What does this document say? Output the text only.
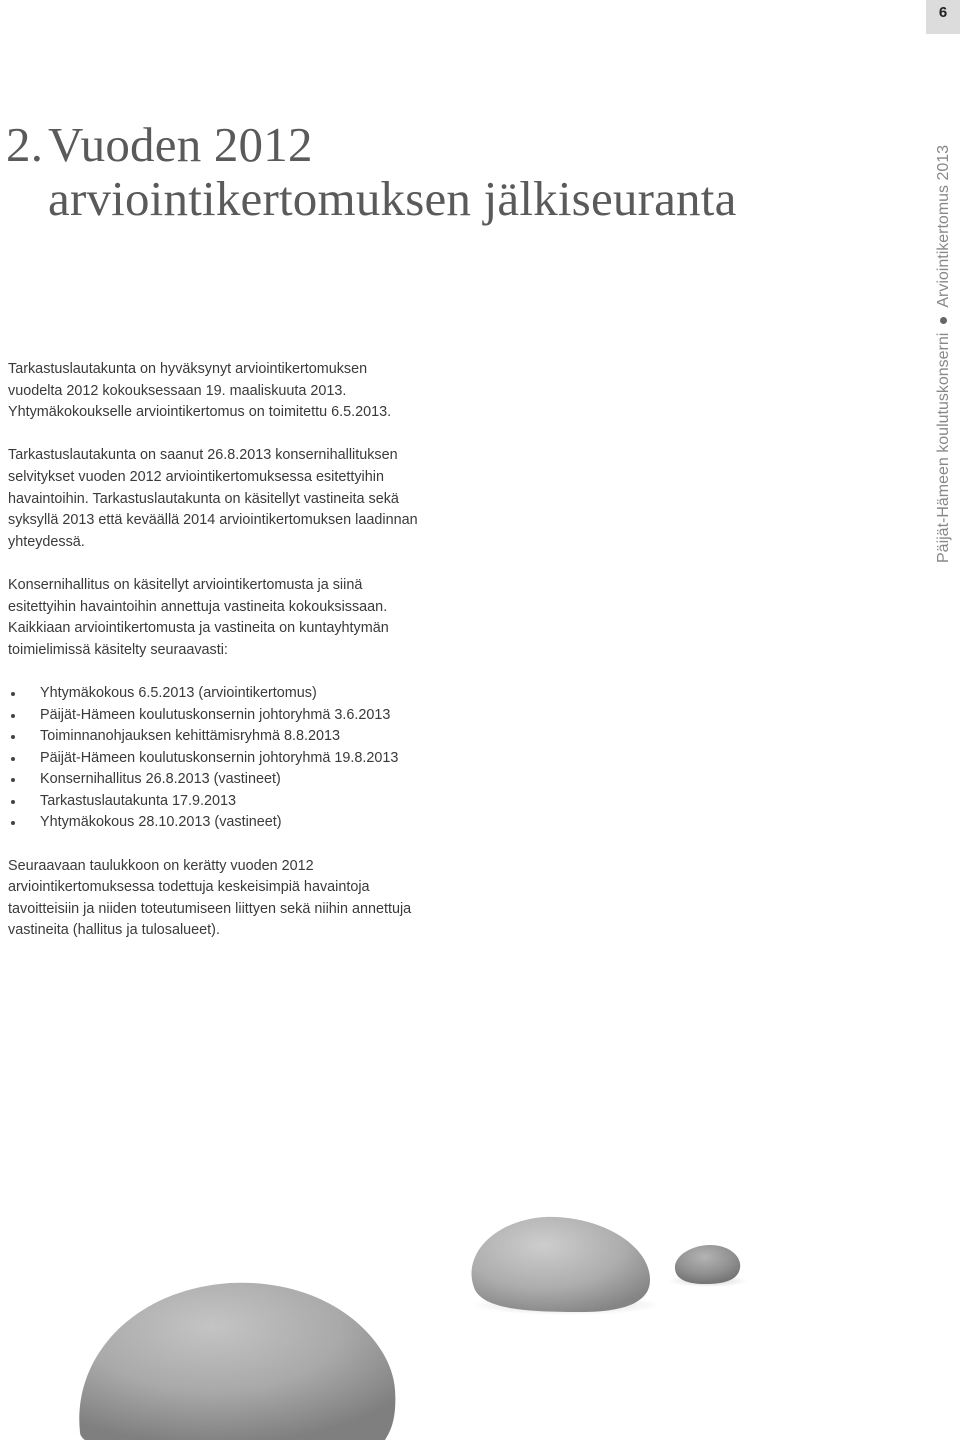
6
2.Vuoden 2012
arviointikertomuksen jälkiseuranta
Päijät-Hämeen koulutuskonserniArviointikertomus 2013

Tarkastuslautakunta on hyväksynyt arviointikertomuksen vuodelta 2012 kokouksessaan 19. maaliskuuta 2013. Yhtymäkokoukselle arviointikertomus on toimitettu 6.5.2013.

Tarkastuslautakunta on saanut 26.8.2013 konsernihallituksen selvitykset vuoden 2012 arviointikertomuksessa esitettyihin havaintoihin. Tarkastuslautakunta on käsitellyt vastineita sekä syksyllä 2013 että keväällä 2014 arviointikertomuksen laadinnan yhteydessä.

Konsernihallitus on käsitellyt arviointikertomusta ja siinä esitettyihin havaintoihin annettuja vastineita kokouksissaan. Kaikkiaan arviointikertomusta ja vastineita on kuntayhtymän toimielimissä käsitelty seuraavasti:

Yhtymäkokous 6.5.2013 (arviointikertomus)
Päijät-Hämeen koulutuskonsernin johtoryhmä 3.6.2013
Toiminnanohjauksen kehittämisryhmä 8.8.2013
Päijät-Hämeen koulutuskonsernin johtoryhmä 19.8.2013
Konsernihallitus 26.8.2013 (vastineet)
Tarkastuslautakunta 17.9.2013
Yhtymäkokous 28.10.2013 (vastineet)

Seuraavaan taulukkoon on kerätty vuoden 2012 arviointikertomuksessa todettuja keskeisimpiä havaintoja tavoitteisiin ja niiden toteutumiseen liittyen sekä niihin annettuja vastineita (hallitus ja tulosalueet).
